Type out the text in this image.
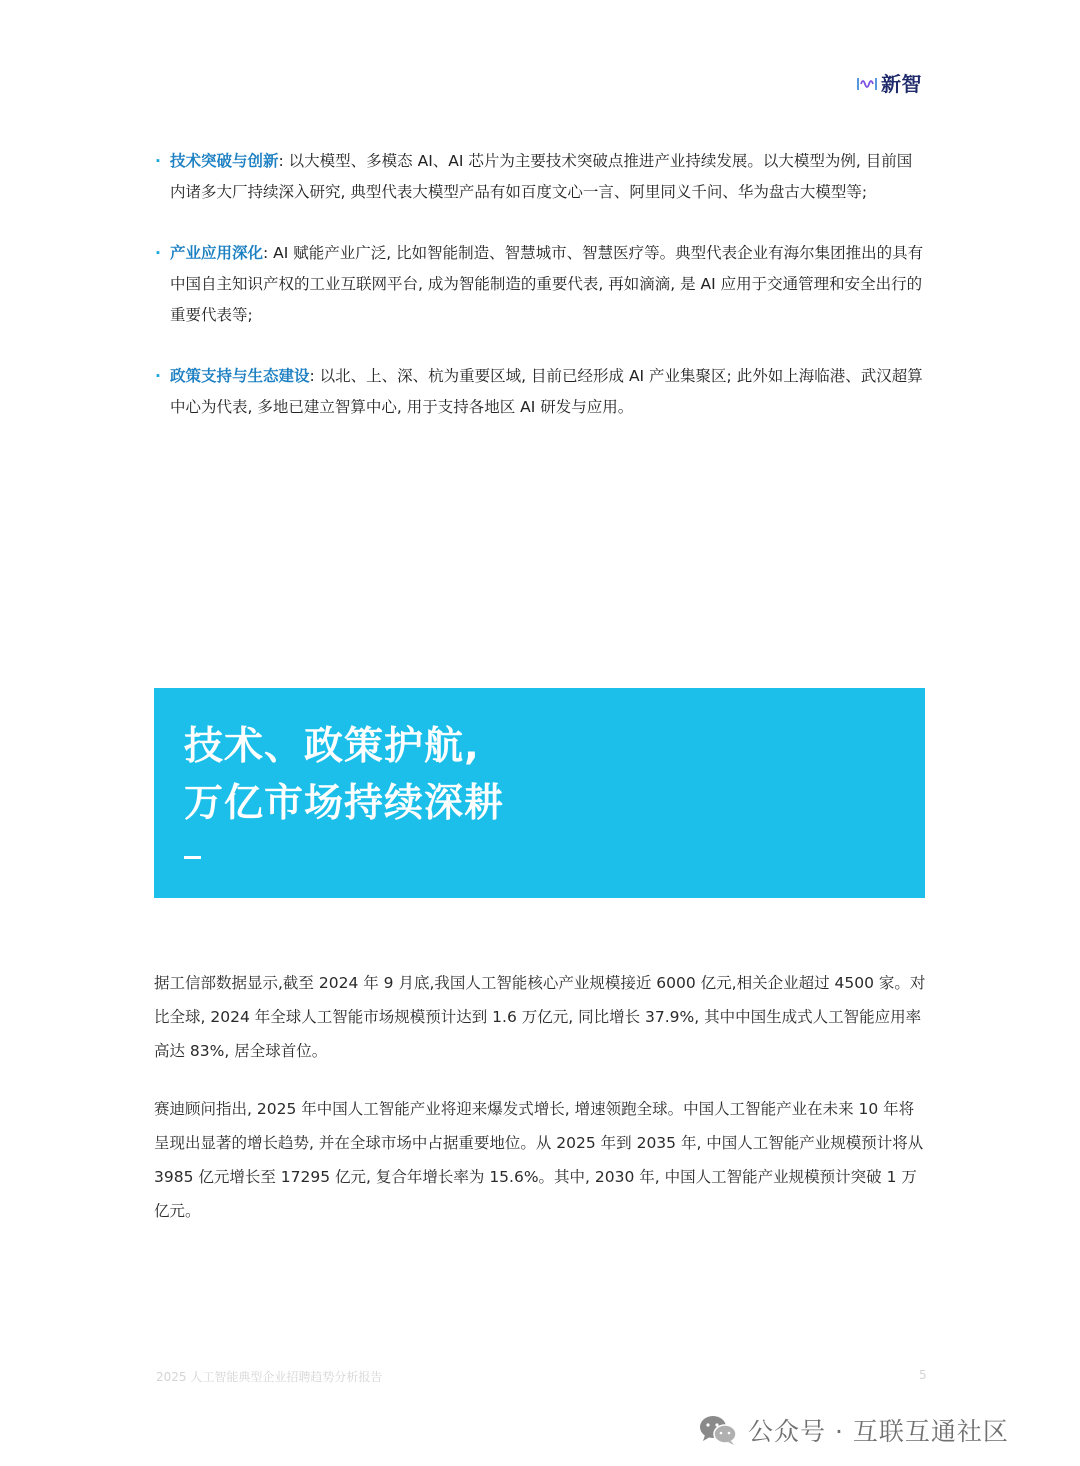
新智
· 技术突破与创新: 以大模型、多模态 AI、AI 芯片为主要技术突破点推进产业持续发展。以大模型为例, 目前国内诸多大厂持续深入研究, 典型代表大模型产品有如百度文心一言、阿里同义千问、华为盘古大模型等;
· 产业应用深化: AI 赋能产业广泛, 比如智能制造、智慧城市、智慧医疗等。典型代表企业有海尔集团推出的具有中国自主知识产权的工业互联网平台, 成为智能制造的重要代表, 再如滴滴, 是 AI 应用于交通管理和安全出行的重要代表等;
· 政策支持与生态建设: 以北、上、深、杭为重要区域, 目前已经形成 AI 产业集聚区; 此外如上海临港、武汉超算中心为代表, 多地已建立智算中心, 用于支持各地区 AI 研发与应用。
技术、政策护航,
万亿市场持续深耕

据工信部数据显示,截至 2024 年 9 月底,我国人工智能核心产业规模接近 6000 亿元,相关企业超过 4500 家。对比全球, 2024 年全球人工智能市场规模预计达到 1.6 万亿元, 同比增长 37.9%, 其中中国生成式人工智能应用率高达 83%, 居全球首位。

赛迪顾问指出, 2025 年中国人工智能产业将迎来爆发式增长, 增速领跑全球。中国人工智能产业在未来 10 年将呈现出显著的增长趋势, 并在全球市场中占据重要地位。从 2025 年到 2035 年, 中国人工智能产业规模预计将从 3985 亿元增长至 17295 亿元, 复合年增长率为 15.6%。其中, 2030 年, 中国人工智能产业规模预计突破 1 万亿元。

2025 人工智能典型企业招聘趋势分析报告	5
公众号 · 互联互通社区
